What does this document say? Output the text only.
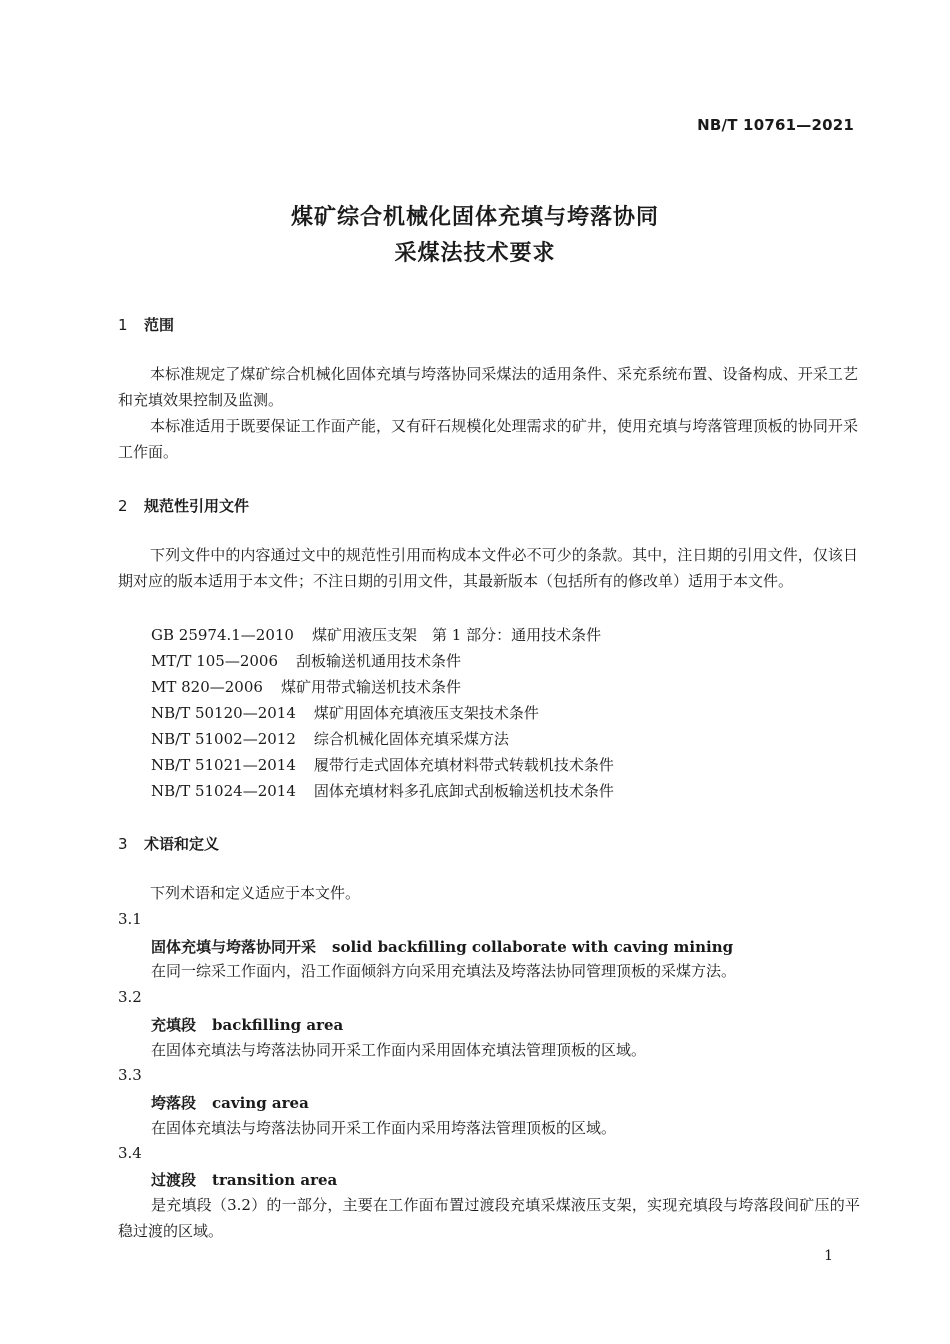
NB/T 10761—2021
煤矿综合机械化固体充填与垮落协同
采煤法技术要求
1 范围
本标准规定了煤矿综合机械化固体充填与垮落协同采煤法的适用条件、采充系统布置、设备构成、开采工艺和充填效果控制及监测。
本标准适用于既要保证工作面产能，又有矸石规模化处理需求的矿井，使用充填与垮落管理顶板的协同开采工作面。
2 规范性引用文件
下列文件中的内容通过文中的规范性引用而构成本文件必不可少的条款。其中，注日期的引用文件，仅该日期对应的版本适用于本文件；不注日期的引用文件，其最新版本（包括所有的修改单）适用于本文件。
GB 25974.1—2010 煤矿用液压支架　第 1 部分：通用技术条件
MT/T 105—2006 刮板输送机通用技术条件
MT 820—2006 煤矿用带式输送机技术条件
NB/T 50120—2014 煤矿用固体充填液压支架技术条件
NB/T 51002—2012 综合机械化固体充填采煤方法
NB/T 51021—2014 履带行走式固体充填材料带式转载机技术条件
NB/T 51024—2014 固体充填材料多孔底卸式刮板输送机技术条件
3 术语和定义
下列术语和定义适应于本文件。
3.1
固体充填与垮落协同开采 solid backfilling collaborate with caving mining
在同一综采工作面内，沿工作面倾斜方向采用充填法及垮落法协同管理顶板的采煤方法。
3.2
充填段 backfilling area
在固体充填法与垮落法协同开采工作面内采用固体充填法管理顶板的区域。
3.3
垮落段 caving area
在固体充填法与垮落法协同开采工作面内采用垮落法管理顶板的区域。
3.4
过渡段 transition area
是充填段（3.2）的一部分，主要在工作面布置过渡段充填采煤液压支架，实现充填段与垮落段间矿压的平稳过渡的区域。
1
